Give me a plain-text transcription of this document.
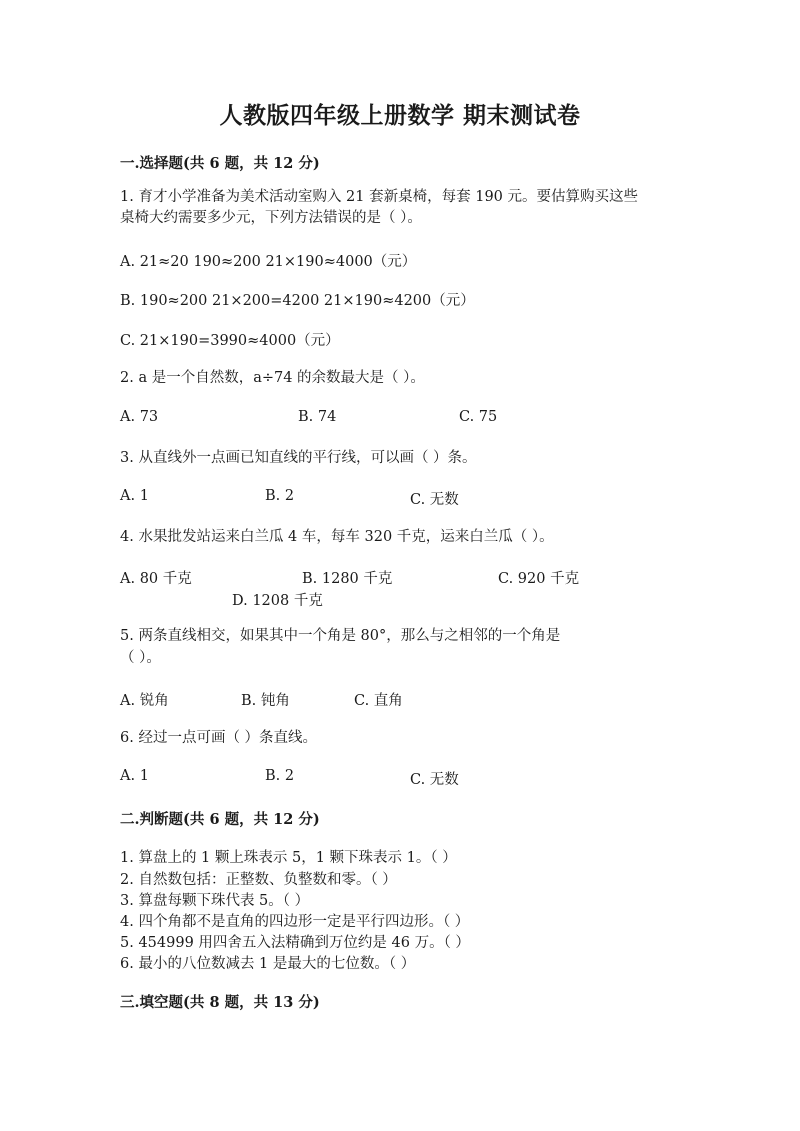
人教版四年级上册数学 期末测试卷
一.选择题(共 6 题，共 12 分)
1. 育才小学准备为美术活动室购入 21 套新桌椅，每套 190 元。要估算购买这些
桌椅大约需要多少元，下列方法错误的是（ ）。
A. 21≈20 190≈200 21×190≈4000（元）
B. 190≈200 21×200=4200 21×190≈4200（元）
C. 21×190=3990≈4000（元）
2. a 是一个自然数，a÷74 的余数最大是（ ）。
A. 73	B. 74	C. 75
3. 从直线外一点画已知直线的平行线，可以画（ ）条。
A. 1	B. 2	C. 无数
4. 水果批发站运来白兰瓜 4 车，每车 320 千克，运来白兰瓜（ ）。
A. 80 千克	B. 1280 千克	C. 920 千克
D. 1208 千克
5. 两条直线相交，如果其中一个角是 80°，那么与之相邻的一个角是
（ ）。
A. 锐角	B. 钝角	C. 直角
6. 经过一点可画（ ）条直线。
A. 1	B. 2	C. 无数
二.判断题(共 6 题，共 12 分)
1. 算盘上的 1 颗上珠表示 5，1 颗下珠表示 1。（ ）
2. 自然数包括：正整数、负整数和零。（ ）
3. 算盘每颗下珠代表 5。（ ）
4. 四个角都不是直角的四边形一定是平行四边形。（ ）
5. 454999 用四舍五入法精确到万位约是 46 万。（ ）
6. 最小的八位数减去 1 是最大的七位数。（ ）
三.填空题(共 8 题，共 13 分)
